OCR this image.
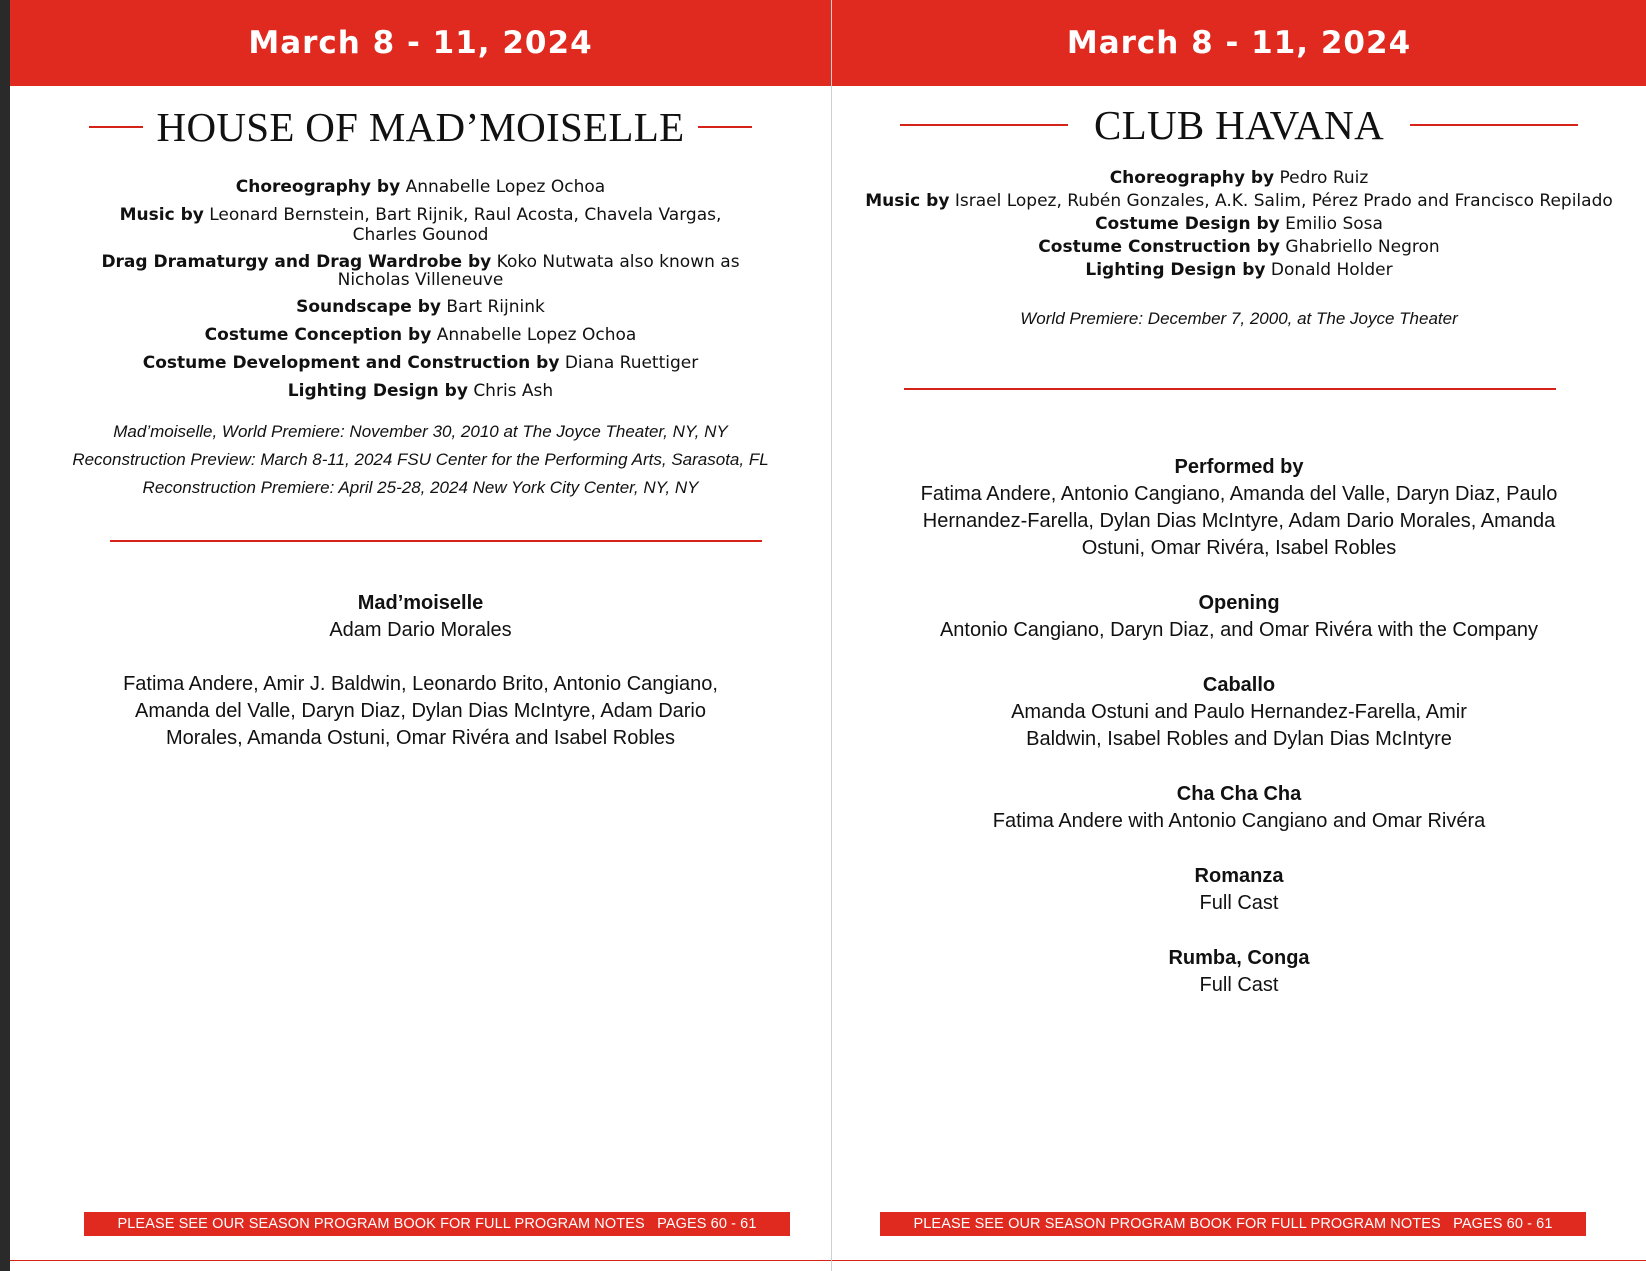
March 8 - 11, 2024
HOUSE OF MAD’MOISELLE

Choreography by Annabelle Lopez Ochoa

Music by Leonard Bernstein, Bart Rijnik, Raul Acosta, Chavela Vargas, Charles Gounod

Drag Dramaturgy and Drag Wardrobe by Koko Nutwata also known as Nicholas Villeneuve

Soundscape by Bart Rijnink

Costume Conception by Annabelle Lopez Ochoa

Costume Development and Construction by Diana Ruettiger

Lighting Design by Chris Ash

Mad’moiselle, World Premiere: November 30, 2010 at The Joyce Theater, NY, NY

Reconstruction Preview: March 8-11, 2024 FSU Center for the Performing Arts, Sarasota, FL

Reconstruction Premiere: April 25-28, 2024 New York City Center, NY, NY

Mad’moiselle

Adam Dario Morales

Fatima Andere, Amir J. Baldwin, Leonardo Brito, Antonio Cangiano, Amanda del Valle, Daryn Diaz, Dylan Dias McIntyre, Adam Dario Morales, Amanda Ostuni, Omar Rivéra and Isabel Robles

PLEASE SEE OUR SEASON PROGRAM BOOK FOR FULL PROGRAM NOTES   PAGES 60 - 61
March 8 - 11, 2024
CLUB HAVANA

Choreography by Pedro Ruiz

Music by Israel Lopez, Rubén Gonzales, A.K. Salim, Pérez Prado and Francisco Repilado

Costume Design by Emilio Sosa

Costume Construction by Ghabriello Negron

Lighting Design by Donald Holder

World Premiere: December 7, 2000, at The Joyce Theater

Performed by

Fatima Andere, Antonio Cangiano, Amanda del Valle, Daryn Diaz, Paulo Hernandez-Farella, Dylan Dias McIntyre, Adam Dario Morales, Amanda Ostuni, Omar Rivéra, Isabel Robles

Opening

Antonio Cangiano, Daryn Diaz, and Omar Rivéra with the Company

Caballo

Amanda Ostuni and Paulo Hernandez-Farella, Amir Baldwin, Isabel Robles and Dylan Dias McIntyre

Cha Cha Cha

Fatima Andere with Antonio Cangiano and Omar Rivéra

Romanza

Full Cast

Rumba, Conga

Full Cast

PLEASE SEE OUR SEASON PROGRAM BOOK FOR FULL PROGRAM NOTES   PAGES 60 - 61
